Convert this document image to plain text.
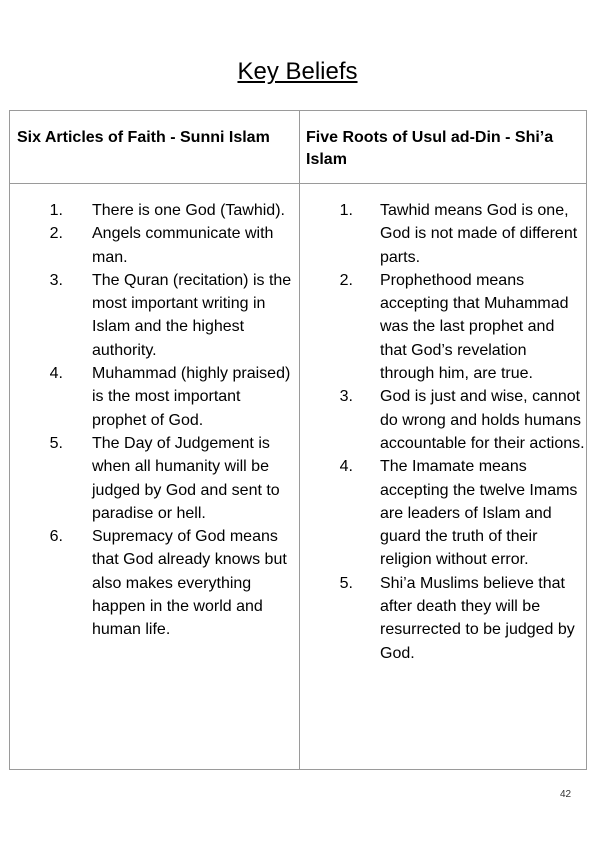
Key Beliefs
Six Articles of Faith - Sunni Islam	Five Roots of Usul ad-Din - Shi’a Islam
1. There is one God (Tawhid).
2. Angels communicate with man.
3. The Quran (recitation) is the most important writing in Islam and the highest authority.
4. Muhammad (highly praised) is the most important prophet of God.
5. The Day of Judgement is when all humanity will be judged by God and sent to paradise or hell.
6. Supremacy of God means that God already knows but also makes everything happen in the world and human life.
1. Tawhid means God is one, God is not made of different parts.
2. Prophethood means accepting that Muhammad was the last prophet and that God’s revelation through him, are true.
3. God is just and wise, cannot do wrong and holds humans accountable for their actions.
4. The Imamate means accepting the twelve Imams are leaders of Islam and guard the truth of their religion without error.
5. Shi’a Muslims believe that after death they will be resurrected to be judged by God.
42
